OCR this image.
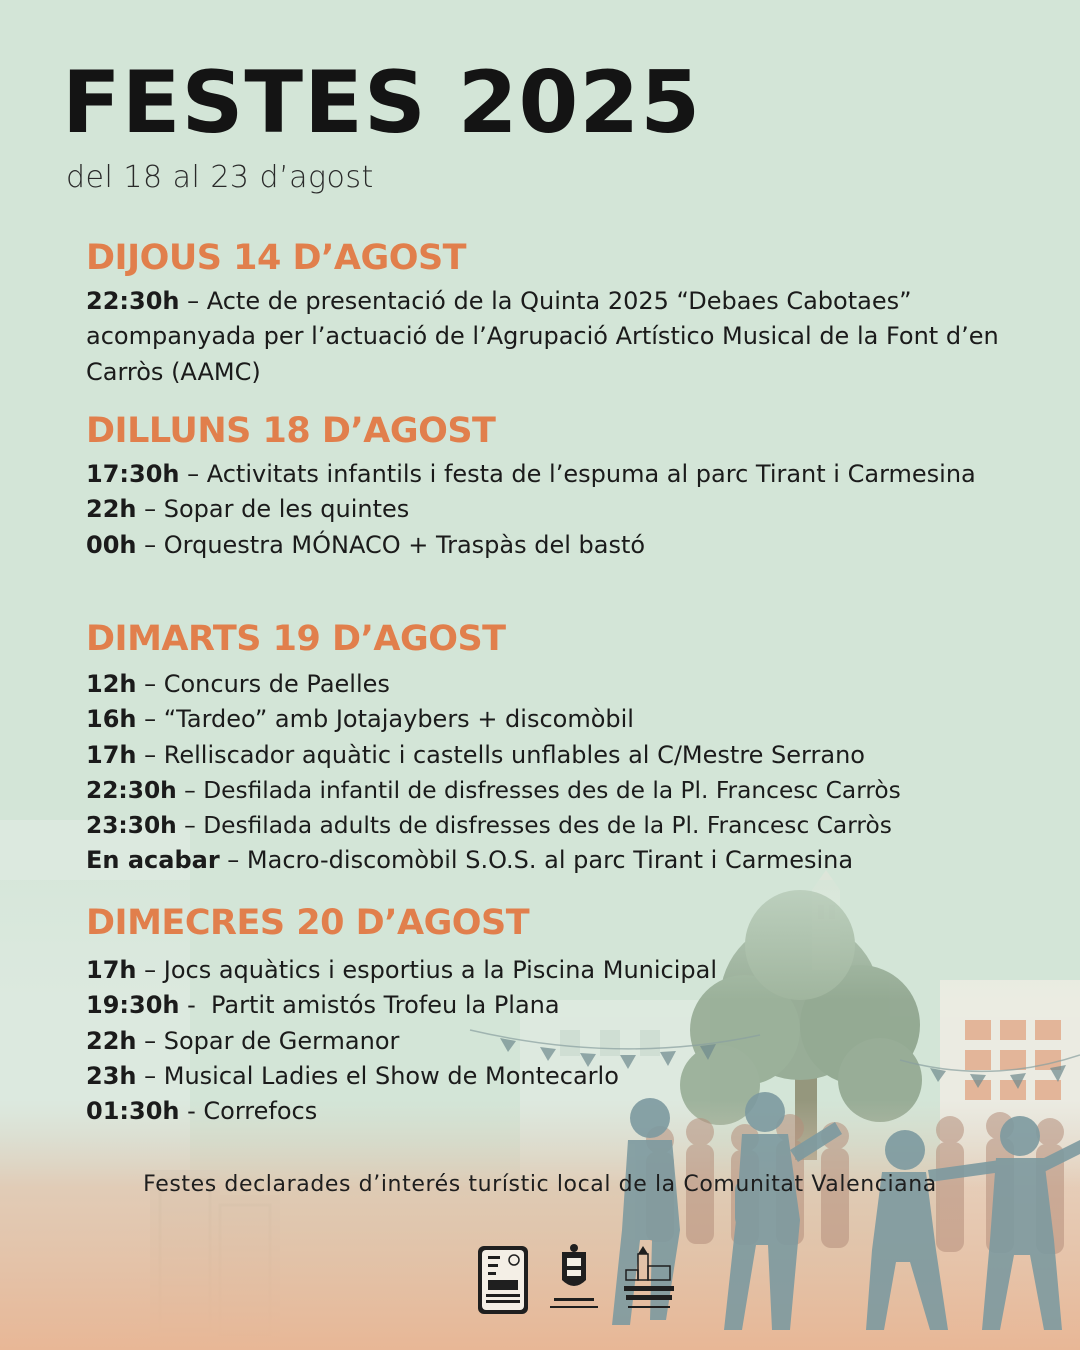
FESTES 2025
del 18 al 23 d’agost
DIJOUS 14 D’AGOST
22:30h – Acte de presentació de la Quinta 2025 “Debaes Cabotaes” acompanyada per l’actuació de l’Agrupació Artístico Musical de la Font d’en Carròs (AAMC)
DILLUNS 18 D’AGOST
17:30h – Activitats infantils i festa de l’espuma al parc Tirant i Carmesina
22h – Sopar de les quintes
00h – Orquestra MÓNACO + Traspàs del bastó
DIMARTS 19 D’AGOST
12h – Concurs de Paelles
16h – “Tardeo” amb Jotajaybers + discomòbil
17h – Relliscador aquàtic i castells unflables al C/Mestre Serrano
22:30h – Desfilada infantil de disfresses des de la Pl. Francesc Carròs
23:30h – Desfilada adults de disfresses des de la Pl. Francesc Carròs
En acabar – Macro-discomòbil S.O.S. al parc Tirant i Carmesina
DIMECRES 20 D’AGOST
17h – Jocs aquàtics i esportius a la Piscina Municipal
19:30h -  Partit amistós Trofeu la Plana
22h – Sopar de Germanor
23h – Musical Ladies el Show de Montecarlo
01:30h - Correfocs
Festes declarades d’interés turístic local de la Comunitat Valenciana
